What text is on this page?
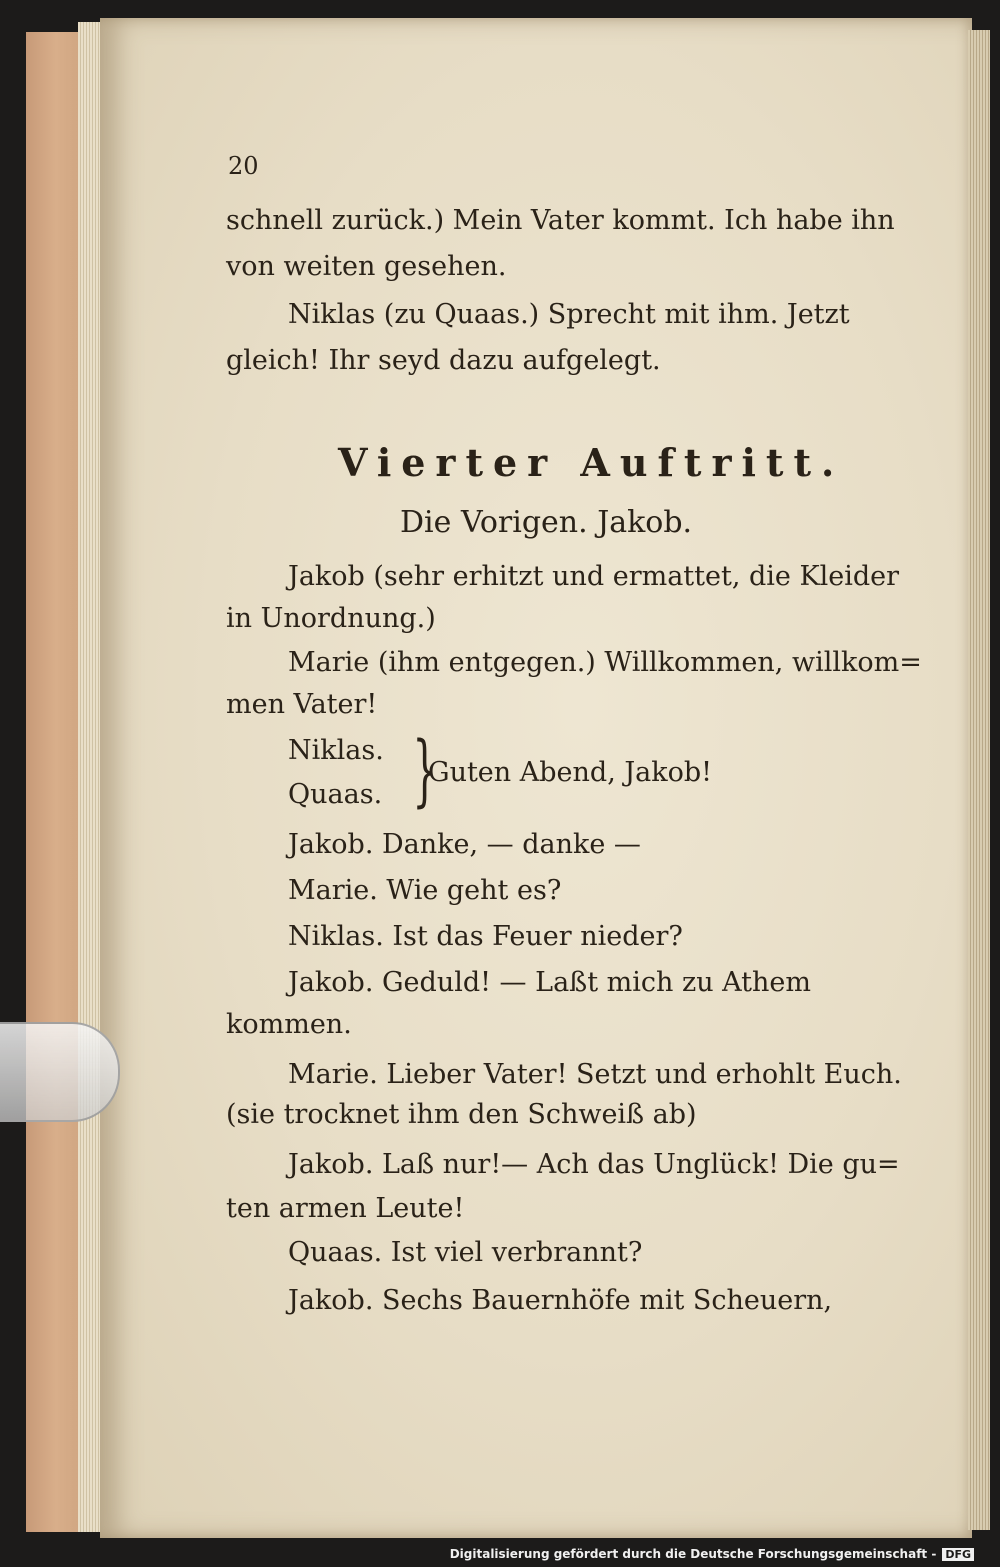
20
schnell zurück.) Mein Vater kommt. Ich habe ihn
von weiten gesehen.
Niklas (zu Quaas.) Sprecht mit ihm. Jetzt
gleich! Ihr seyd dazu aufgelegt.
Vierter Auftritt.
Die Vorigen. Jakob.
Jakob (sehr erhitzt und ermattet, die Kleider
in Unordnung.)
Marie (ihm entgegen.) Willkommen, willkom=
men Vater!
Niklas.
Quaas. }
Guten Abend, Jakob!
Jakob. Danke, — danke —
Marie. Wie geht es?
Niklas. Ist das Feuer nieder?
Jakob. Geduld! — Laßt mich zu Athem
kommen.
Marie. Lieber Vater! Setzt und erhohlt Euch.
(sie trocknet ihm den Schweiß ab)
Jakob. Laß nur!— Ach das Unglück! Die gu=
ten armen Leute!
Quaas. Ist viel verbrannt?
Jakob. Sechs Bauernhöfe mit Scheuern,
Digitalisierung gefördert durch die Deutsche Forschungsgemeinschaft - DFG
